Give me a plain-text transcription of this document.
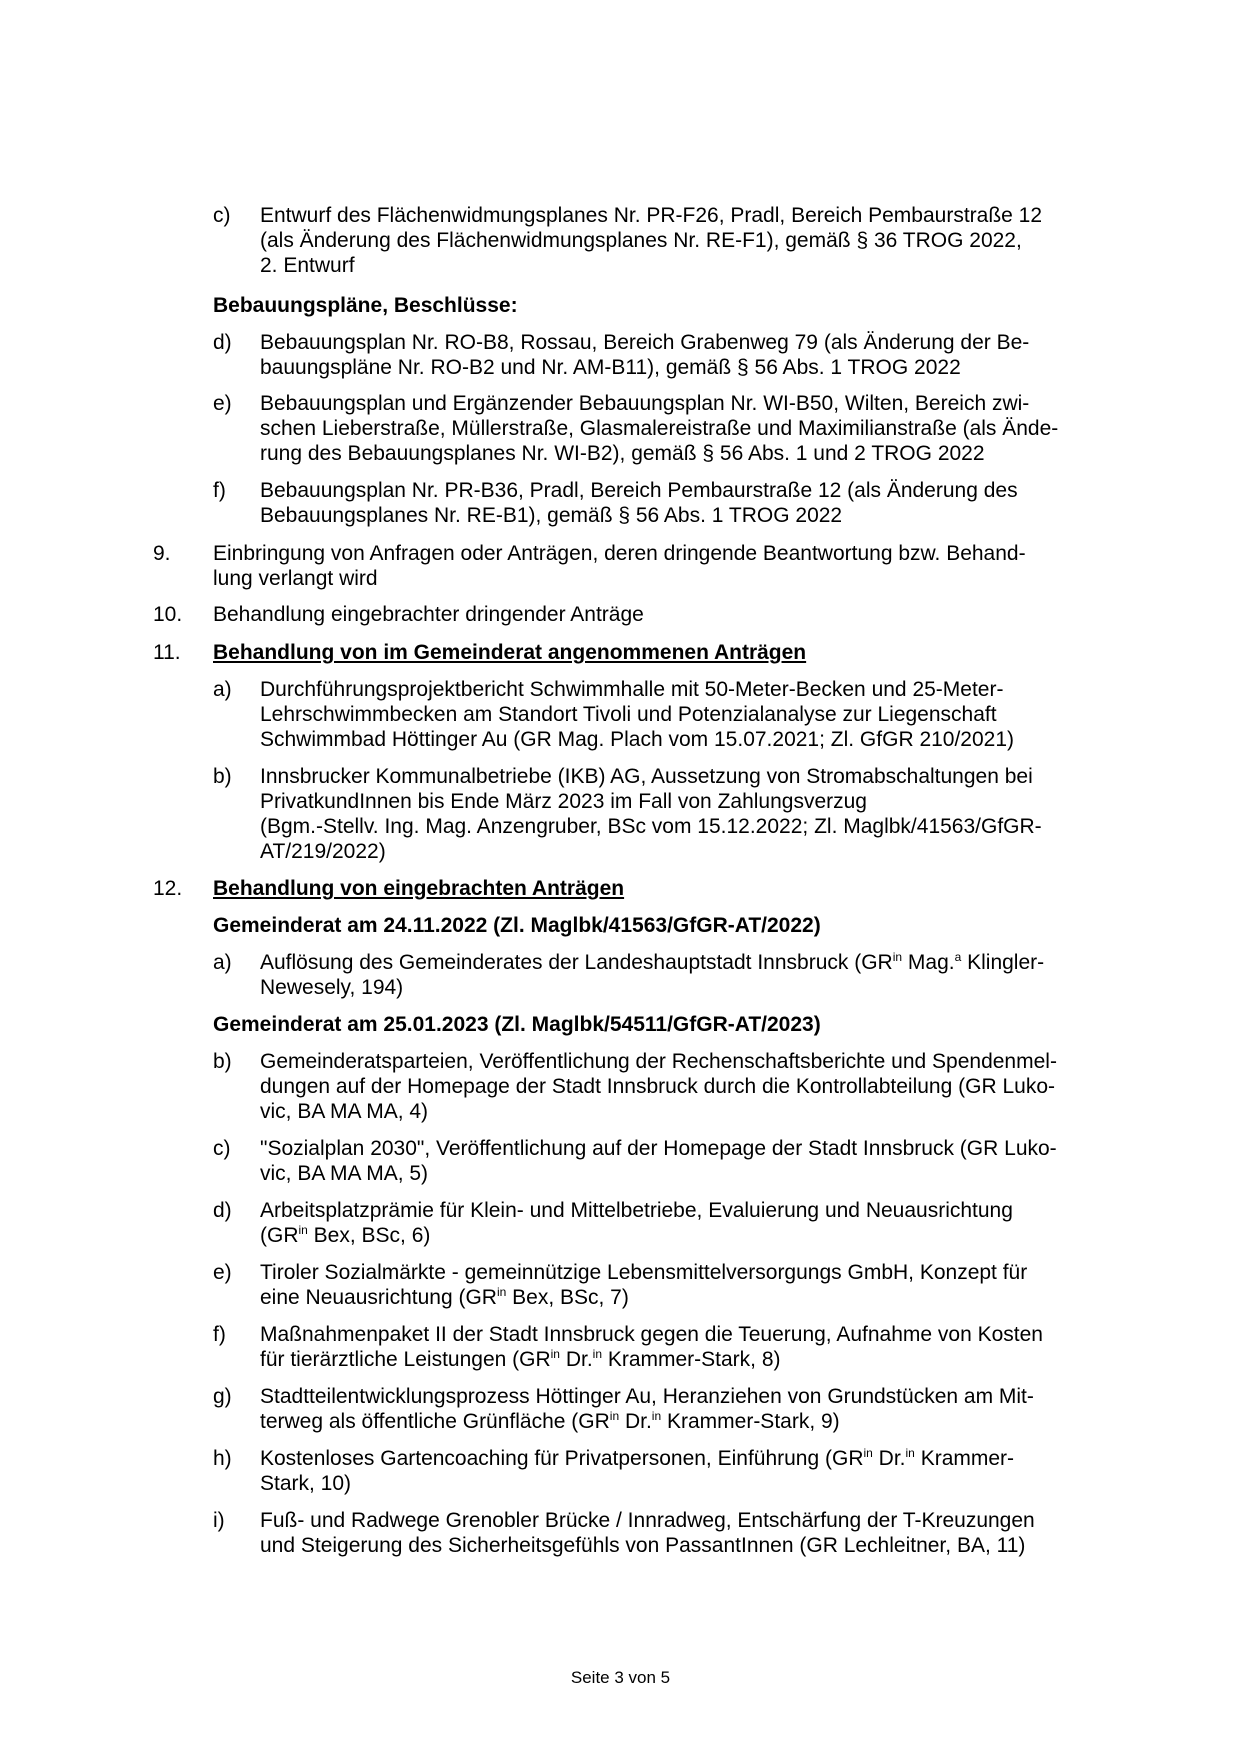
c) Entwurf des Flächenwidmungsplanes Nr. PR-F26, Pradl, Bereich Pembaurstraße 12
(als Änderung des Flächenwidmungsplanes Nr. RE-F1), gemäß § 36 TROG 2022,
2. Entwurf
Bebauungspläne, Beschlüsse:
d) Bebauungsplan Nr. RO-B8, Rossau, Bereich Grabenweg 79 (als Änderung der Be-
bauungspläne Nr. RO-B2 und Nr. AM-B11), gemäß § 56 Abs. 1 TROG 2022
e) Bebauungsplan und Ergänzender Bebauungsplan Nr. WI-B50, Wilten, Bereich zwi-
schen Lieberstraße, Müllerstraße, Glasmalereistraße und Maximilianstraße (als Ände-
rung des Bebauungsplanes Nr. WI-B2), gemäß § 56 Abs. 1 und 2 TROG 2022
f) Bebauungsplan Nr. PR-B36, Pradl, Bereich Pembaurstraße 12 (als Änderung des
Bebauungsplanes Nr. RE-B1), gemäß § 56 Abs. 1 TROG 2022
9. Einbringung von Anfragen oder Anträgen, deren dringende Beantwortung bzw. Behand-
lung verlangt wird
10. Behandlung eingebrachter dringender Anträge
11. Behandlung von im Gemeinderat angenommenen Anträgen
a) Durchführungsprojektbericht Schwimmhalle mit 50-Meter-Becken und 25-Meter-
Lehrschwimmbecken am Standort Tivoli und Potenzialanalyse zur Liegenschaft
Schwimmbad Höttinger Au (GR Mag. Plach vom 15.07.2021; Zl. GfGR 210/2021)
b) Innsbrucker Kommunalbetriebe (IKB) AG, Aussetzung von Stromabschaltungen bei
PrivatkundInnen bis Ende März 2023 im Fall von Zahlungsverzug
(Bgm.-Stellv. Ing. Mag. Anzengruber, BSc vom 15.12.2022; Zl. Maglbk/41563/GfGR-
AT/219/2022)
12. Behandlung von eingebrachten Anträgen
Gemeinderat am 24.11.2022 (Zl. Maglbk/41563/GfGR-AT/2022)
a) Auflösung des Gemeinderates der Landeshauptstadt Innsbruck ($GR^{in}$ Mag.$^a$ Klingler-
Newesely, 194)
Gemeinderat am 25.01.2023 (Zl. Maglbk/54511/GfGR-AT/2023)
b) Gemeinderatsparteien, Veröffentlichung der Rechenschaftsberichte und Spendenmel-
dungen auf der Homepage der Stadt Innsbruck durch die Kontrollabteilung (GR Luko-
vic, BA MA MA, 4)
c) "Sozialplan 2030", Veröffentlichung auf der Homepage der Stadt Innsbruck (GR Luko-
vic, BA MA MA, 5)
d) Arbeitsplatzprämie für Klein- und Mittelbetriebe, Evaluierung und Neuausrichtung
($GR^{in}$ Bex, BSc, 6)
e) Tiroler Sozialmärkte - gemeinnützige Lebensmittelversorgungs GmbH, Konzept für
eine Neuausrichtung ($GR^{in}$ Bex, BSc, 7)
f) Maßnahmenpaket II der Stadt Innsbruck gegen die Teuerung, Aufnahme von Kosten
für tierärztliche Leistungen ($GR^{in}$ Dr.$^{in}$ Krammer-Stark, 8)
g) Stadtteilentwicklungsprozess Höttinger Au, Heranziehen von Grundstücken am Mit-
terweg als öffentliche Grünfläche ($GR^{in}$ Dr.$^{in}$ Krammer-Stark, 9)
h) Kostenloses Gartencoaching für Privatpersonen, Einführung ($GR^{in}$ Dr.$^{in}$ Krammer-
Stark, 10)
i) Fuß- und Radwege Grenobler Brücke / Innradweg, Entschärfung der T-Kreuzungen
und Steigerung des Sicherheitsgefühls von PassantInnen (GR Lechleitner, BA, 11)
Seite 3 von 5
